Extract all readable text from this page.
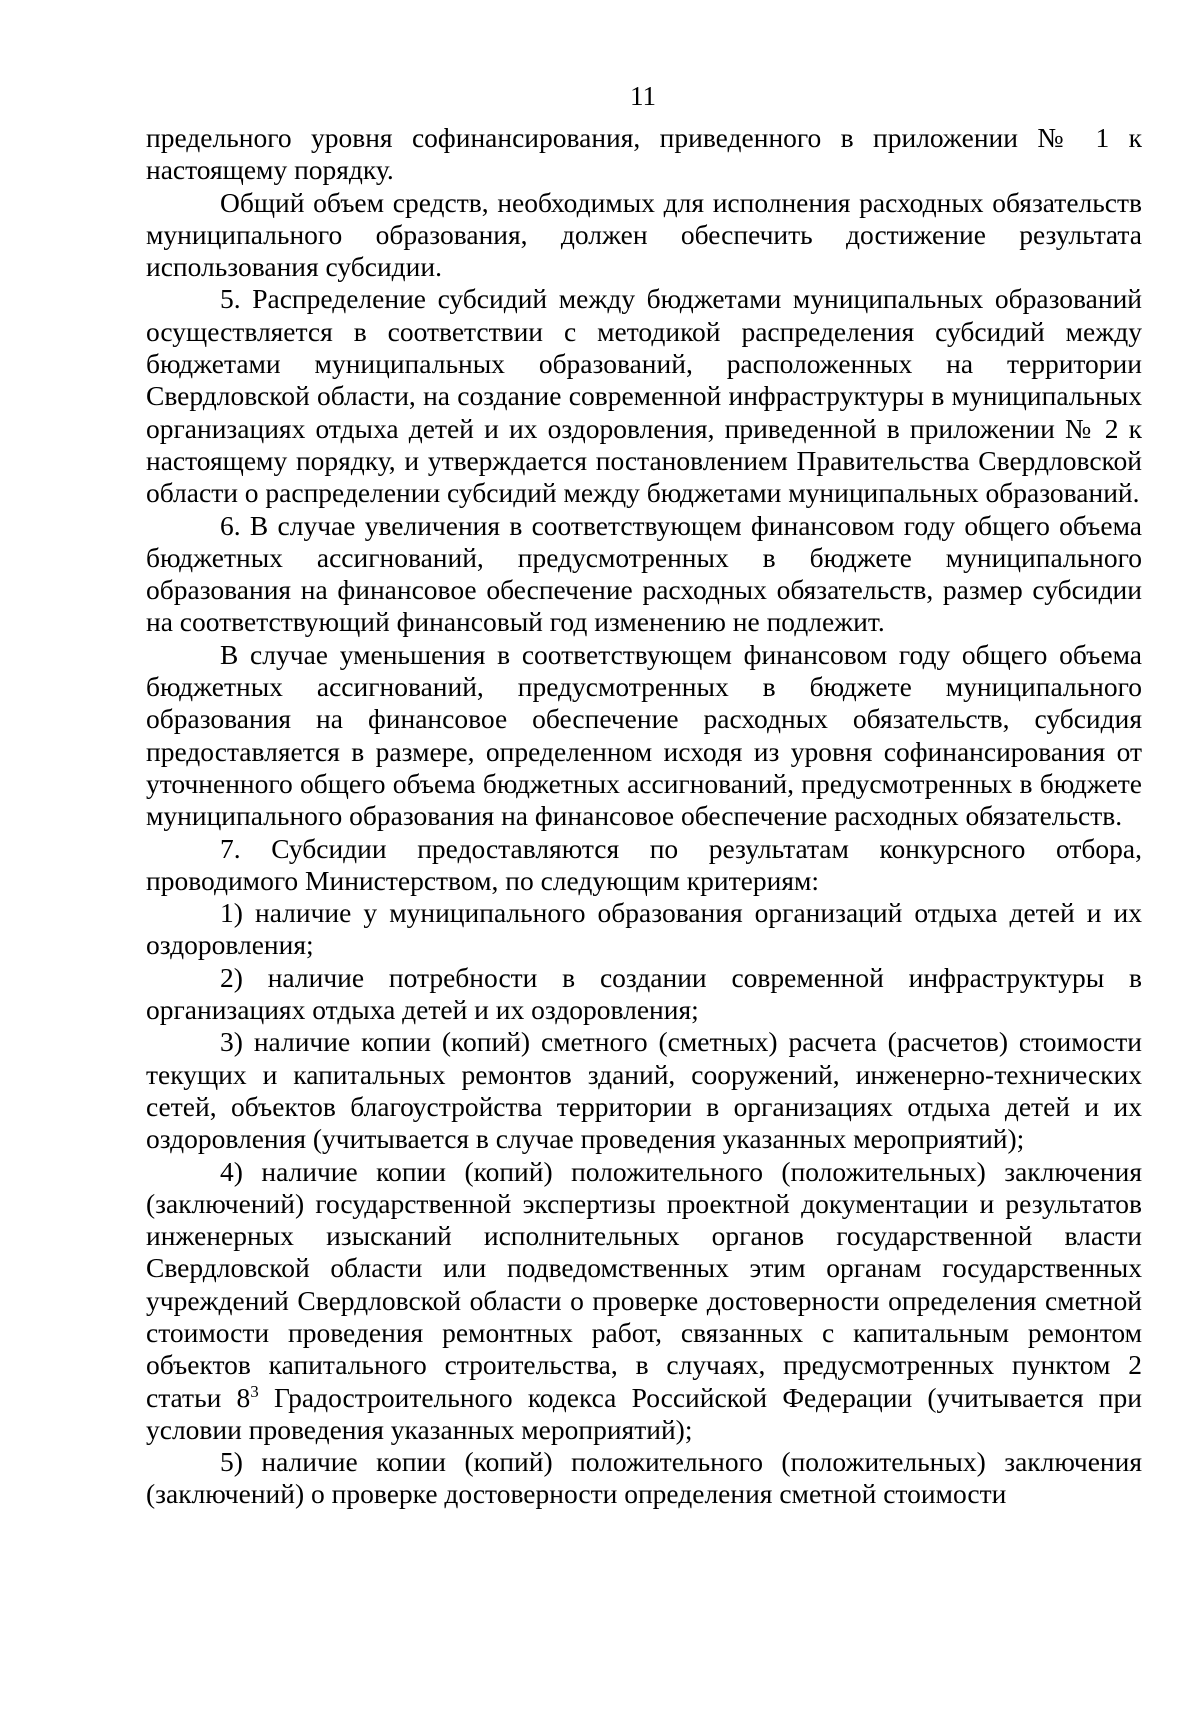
11

предельного уровня софинансирования, приведенного в приложении № 1 к настоящему порядку.

Общий объем средств, необходимых для исполнения расходных обязательств муниципального образования, должен обеспечить достижение результата использования субсидии.

5. Распределение субсидий между бюджетами муниципальных образований осуществляется в соответствии с методикой распределения субсидий между бюджетами муниципальных образований, расположенных на территории Свердловской области, на создание современной инфраструктуры в муниципальных организациях отдыха детей и их оздоровления, приведенной в приложении № 2 к настоящему порядку, и утверждается постановлением Правительства Свердловской области о распределении субсидий между бюджетами муниципальных образований.

6. В случае увеличения в соответствующем финансовом году общего объема бюджетных ассигнований, предусмотренных в бюджете муниципального образования на финансовое обеспечение расходных обязательств, размер субсидии на соответствующий финансовый год изменению не подлежит.

В случае уменьшения в соответствующем финансовом году общего объема бюджетных ассигнований, предусмотренных в бюджете муниципального образования на финансовое обеспечение расходных обязательств, субсидия предоставляется в размере, определенном исходя из уровня софинансирования от уточненного общего объема бюджетных ассигнований, предусмотренных в бюджете муниципального образования на финансовое обеспечение расходных обязательств.

7. Субсидии предоставляются по результатам конкурсного отбора, проводимого Министерством, по следующим критериям:

1) наличие у муниципального образования организаций отдыха детей и их оздоровления;

2) наличие потребности в создании современной инфраструктуры в организациях отдыха детей и их оздоровления;

3) наличие копии (копий) сметного (сметных) расчета (расчетов) стоимости текущих и капитальных ремонтов зданий, сооружений, инженерно-технических сетей, объектов благоустройства территории в организациях отдыха детей и их оздоровления (учитывается в случае проведения указанных мероприятий);

4) наличие копии (копий) положительного (положительных) заключения (заключений) государственной экспертизы проектной документации и результатов инженерных изысканий исполнительных органов государственной власти Свердловской области или подведомственных этим органам государственных учреждений Свердловской области о проверке достоверности определения сметной стоимости проведения ремонтных работ, связанных с капитальным ремонтом объектов капитального строительства, в случаях, предусмотренных пунктом 2 статьи $8^3$ Градостроительного кодекса Российской Федерации (учитывается при условии проведения указанных мероприятий);

5) наличие копии (копий) положительного (положительных) заключения (заключений) о проверке достоверности определения сметной стоимости
